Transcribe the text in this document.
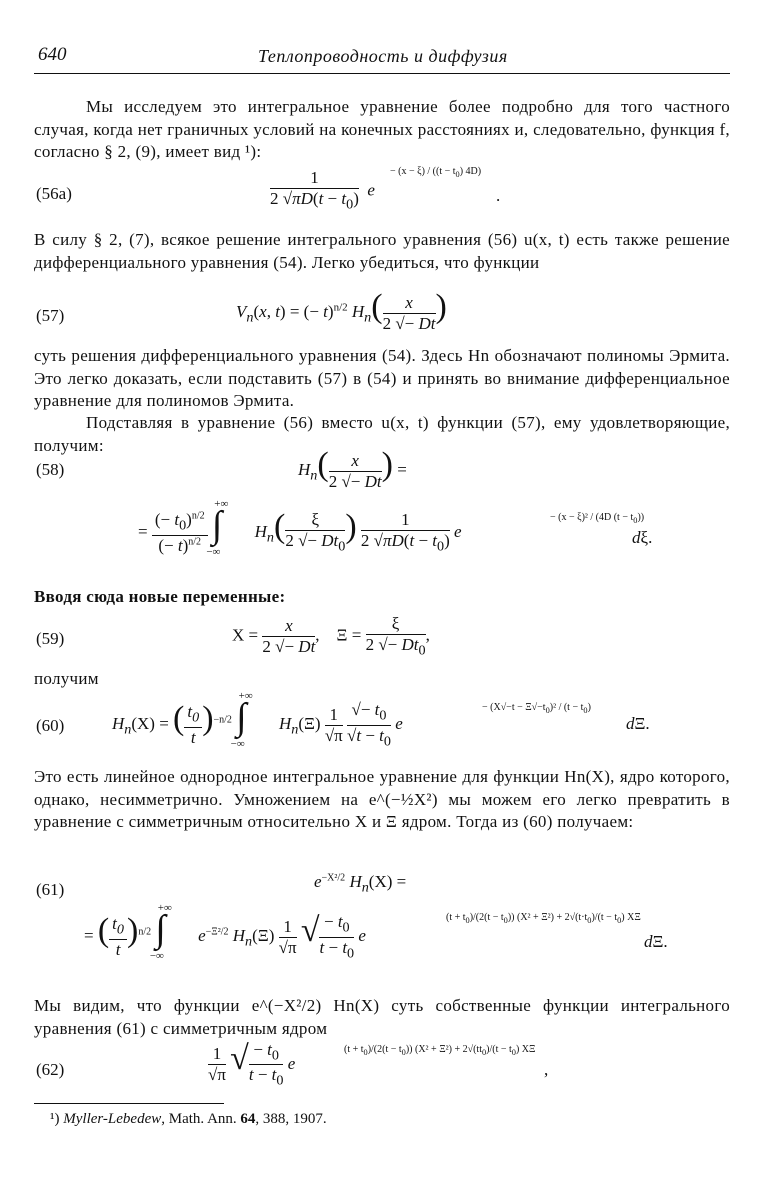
640	Теплопроводность и диффузия
Мы исследуем это интегральное уравнение более подробно для того частного случая, когда нет граничных условий на конечных расстояниях и, следовательно, функция f, согласно § 2, (9), имеет вид ¹):
(56a)	$\frac{1}{2 √\pi D(t - t_0)}$ e
− $(x - \xi) / ((t - t_0)$ 4D)
.
В силу § 2, (7), всякое решение интегрального уравнения (56) u(x, t) есть также решение дифференциального уравнения (54). Легко убедиться, что функции
(57)	$V_n(x$, t) = (− t)$^{n/2}$ $H_n( \frac{x}{2 √- Dt}$ )
суть решения дифференциального уравнения (54). Здесь Hn обозначают полиномы Эрмита. Это легко доказать, если подставить (57) в (54) и принять во внимание дифференциальное уравнение для полиномов Эрмита.
Подставляя в уравнение (56) вместо u(x, t) функции (57), ему удовлетворяющие, получим:
(58)	$H_n( \frac{x}{2 √- Dt}$ ) =
= $\frac{(- t_0)^{n/2}}{(- t)^{n/2}} \int^{+\infty}_{-\infty}$ $H_n( \frac{\xi}{2 √- Dt_0}$ ) $\frac{1}{2 √\pi D(t - t_0)}$ e
− (x − ξ)² / (4D $(t - t_0)$)
dξ.
Вводя сюда новые переменные:
(59)	$X = \frac{x}{2 √- Dt}$ ,    $\Xi = \frac{\xi}{2 √- Dt_0}$ ,
получим
(60)	$H_n(X)$ = ( $\frac{t_0}{t} )^{-n/2}$ $\int^{+\infty}_{-\infty}$ $H_n(\Xi) \frac{1}{√\pi}$
$\frac{√- t_0}{√t - t_0}$ e
− $(X√-t - \Xi√-t_0)^2 / (t - t_0)$
dΞ.
Это есть линейное однородное интегральное уравнение для функции Hn(X), ядро которого, однако, несимметрично. Умножением на e^(−½X²) мы можем его легко превратить в уравнение с симметричным относительно X и Ξ ядром. Тогда из (60) получаем:
(61)	$e^{-X^2/2}$ $H_n(X)$ =
= ( $\frac{t_0}{t} )^{n/2}$ $\int^{+\infty}_{-\infty}$ $e^{-\Xi^2/2}$ $H_n(\Xi) \frac{1}{√\pi}$ √ $\frac{- t_0}{t - t_0}$ e
$(t + t_0)/(2(t - t_0))$ $(X^2 + \Xi^2) + 2√(t\cdot t_0)/(t - t_0)$ XΞ
dΞ.
Мы видим, что функции e^(−X²/2) Hn(X) суть собственные функции интегрального уравнения (61) с симметричным ядром
(62)	$\frac{1}{√\pi}$ √ $\frac{- t_0}{t - t_0}$ e
$(t + t_0)/(2(t - t_0))$ $(X^2 + \Xi^2) + 2√(tt_0)/(t - t_0)$ XΞ
,
¹) Myller-Lebedew, Math. Ann. 64, 388, 1907.
